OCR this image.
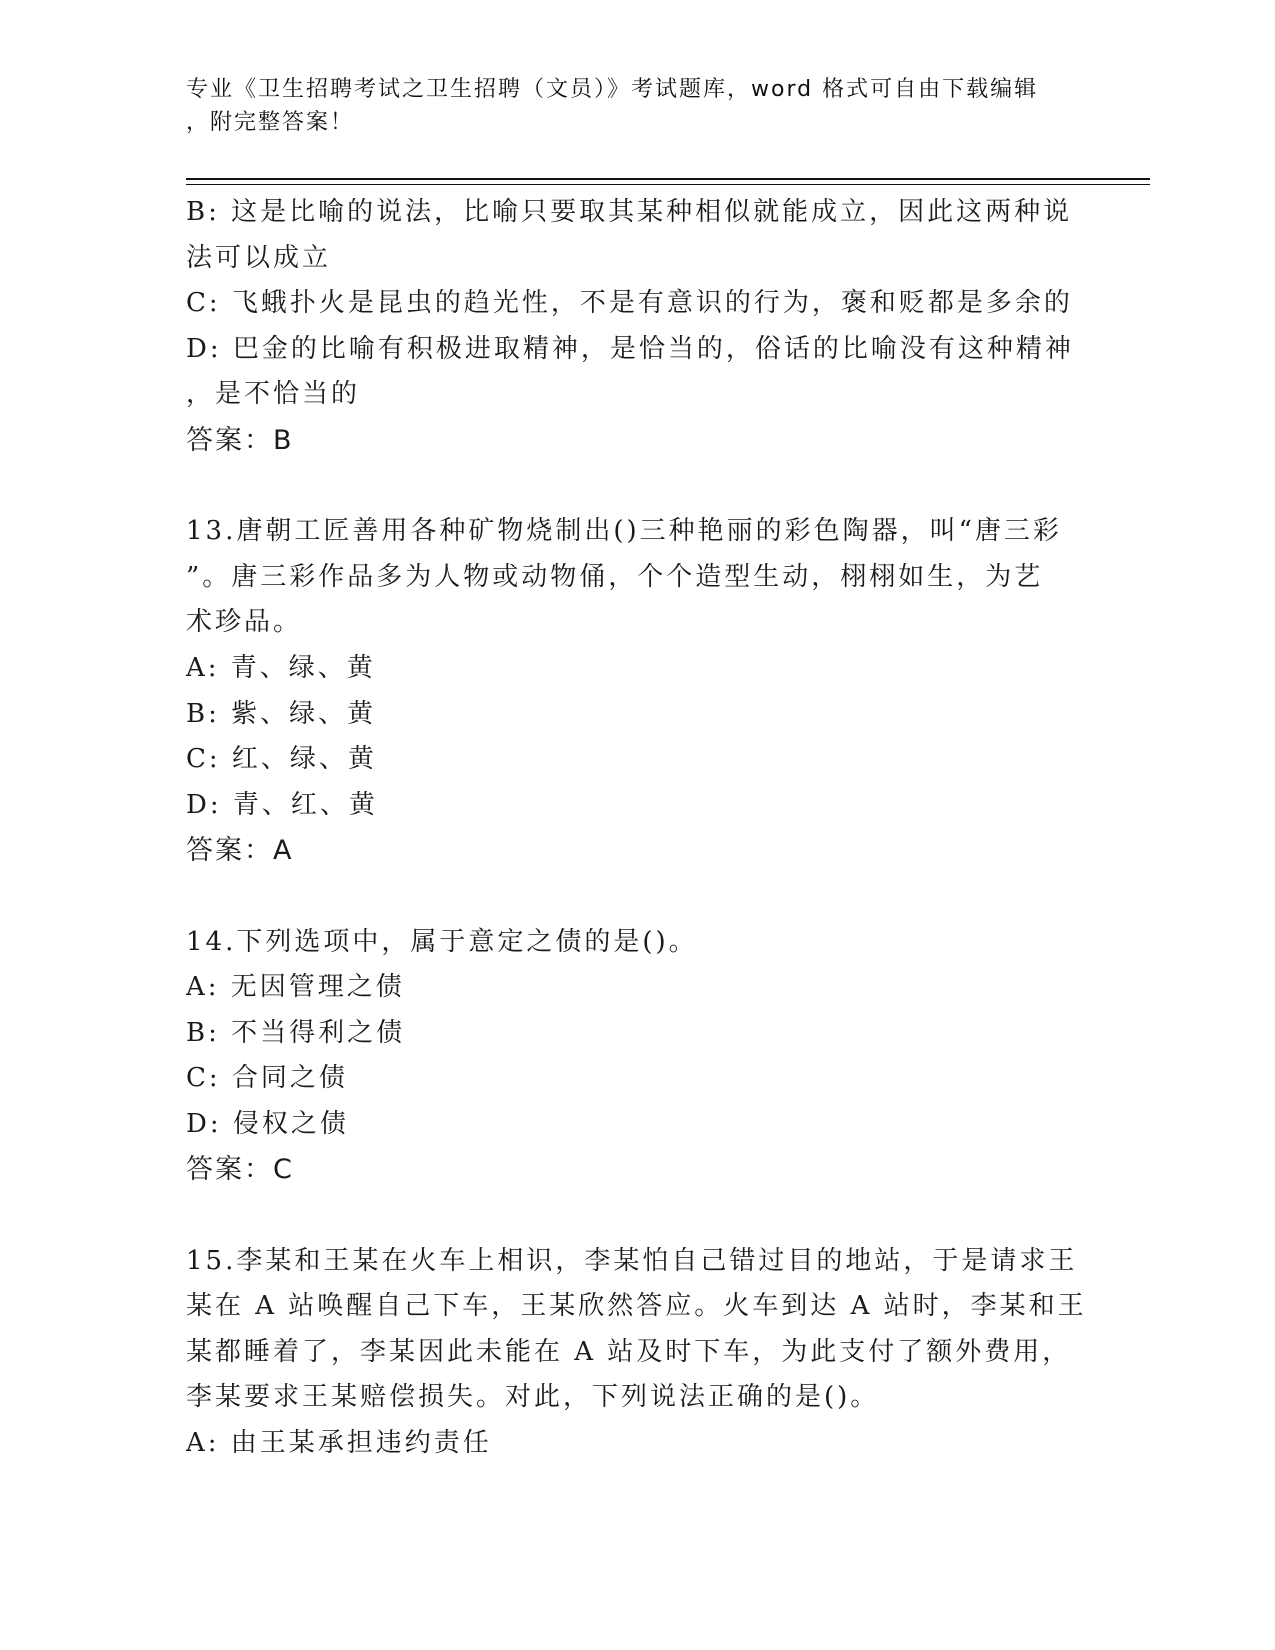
专业《卫生招聘考试之卫生招聘（文员）》考试题库，word 格式可自由下载编辑
，附完整答案！
B: 这是比喻的说法，比喻只要取其某种相似就能成立，因此这两种说
法可以成立
C: 飞蛾扑火是昆虫的趋光性，不是有意识的行为，褒和贬都是多余的
D: 巴金的比喻有积极进取精神，是恰当的，俗话的比喻没有这种精神
，是不恰当的
答案：B
13.唐朝工匠善用各种矿物烧制出()三种艳丽的彩色陶器，叫“唐三彩
”。唐三彩作品多为人物或动物俑，个个造型生动，栩栩如生，为艺
术珍品。
A: 青、绿、黄
B: 紫、绿、黄
C: 红、绿、黄
D: 青、红、黄
答案：A
14.下列选项中，属于意定之债的是()。
A: 无因管理之债
B: 不当得利之债
C: 合同之债
D: 侵权之债
答案：C
15.李某和王某在火车上相识，李某怕自己错过目的地站，于是请求王
某在 A 站唤醒自己下车，王某欣然答应。火车到达 A 站时，李某和王
某都睡着了，李某因此未能在 A 站及时下车，为此支付了额外费用，
李某要求王某赔偿损失。对此，下列说法正确的是()。
A: 由王某承担违约责任
